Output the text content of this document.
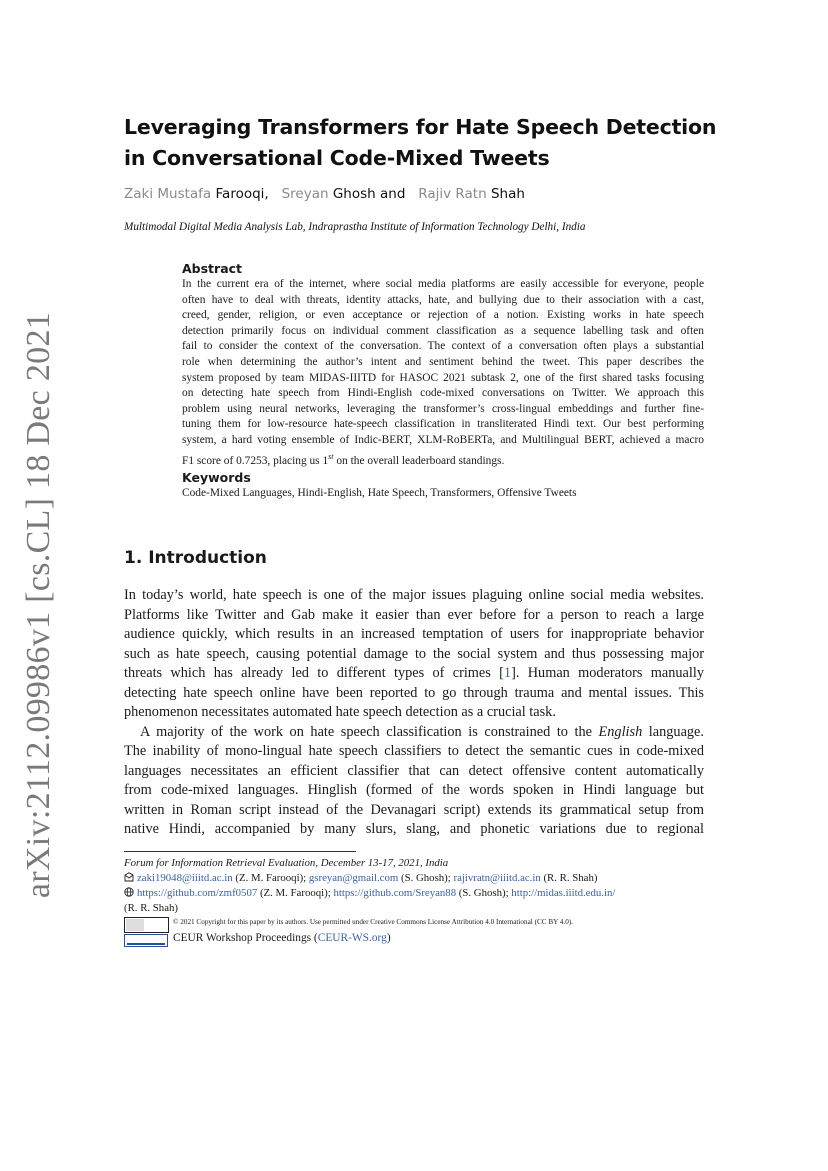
arXiv:2112.09986v1 [cs.CL] 18 Dec 2021
Leveraging Transformers for Hate Speech Detection
in Conversational Code-Mixed Tweets
Zaki Mustafa Farooqi,   Sreyan Ghosh and   Rajiv Ratn Shah
Multimodal Digital Media Analysis Lab, Indraprastha Institute of Information Technology Delhi, India
Abstract
In the current era of the internet, where social media platforms are easily accessible for everyone, people
often have to deal with threats, identity attacks, hate, and bullying due to their association with a cast,
creed, gender, religion, or even acceptance or rejection of a notion. Existing works in hate speech
detection primarily focus on individual comment classification as a sequence labelling task and often
fail to consider the context of the conversation. The context of a conversation often plays a substantial
role when determining the author’s intent and sentiment behind the tweet. This paper describes the
system proposed by team MIDAS-IIITD for HASOC 2021 subtask 2, one of the first shared tasks focusing
on detecting hate speech from Hindi-English code-mixed conversations on Twitter. We approach this
problem using neural networks, leveraging the transformer’s cross-lingual embeddings and further fine-
tuning them for low-resource hate-speech classification in transliterated Hindi text. Our best performing
system, a hard voting ensemble of Indic-BERT, XLM-RoBERTa, and Multilingual BERT, achieved a macro
F1 score of 0.7253, placing us 1st on the overall leaderboard standings.
Keywords
Code-Mixed Languages, Hindi-English, Hate Speech, Transformers, Offensive Tweets
1. Introduction
In today’s world, hate speech is one of the major issues plaguing online social media websites.
Platforms like Twitter and Gab make it easier than ever before for a person to reach a large
audience quickly, which results in an increased temptation of users for inappropriate behavior
such as hate speech, causing potential damage to the social system and thus possessing major
threats which has already led to different types of crimes [1]. Human moderators manually
detecting hate speech online have been reported to go through trauma and mental issues. This
phenomenon necessitates automated hate speech detection as a crucial task.
A majority of the work on hate speech classification is constrained to the English language.
The inability of mono-lingual hate speech classifiers to detect the semantic cues in code-mixed
languages necessitates an efficient classifier that can detect offensive content automatically
from code-mixed languages. Hinglish (formed of the words spoken in Hindi language but
written in Roman script instead of the Devanagari script) extends its grammatical setup from
native Hindi, accompanied by many slurs, slang, and phonetic variations due to regional
Forum for Information Retrieval Evaluation, December 13-17, 2021, India
zaki19048@iiitd.ac.in (Z. M. Farooqi); gsreyan@gmail.com (S. Ghosh); rajivratn@iiitd.ac.in (R. R. Shah)
https://github.com/zmf0507 (Z. M. Farooqi); https://github.com/Sreyan88 (S. Ghosh); http://midas.iiitd.edu.in/
(R. R. Shah)
© 2021 Copyright for this paper by its authors. Use permitted under Creative Commons License Attribution 4.0 International (CC BY 4.0).
CEUR Workshop Proceedings (CEUR-WS.org)
